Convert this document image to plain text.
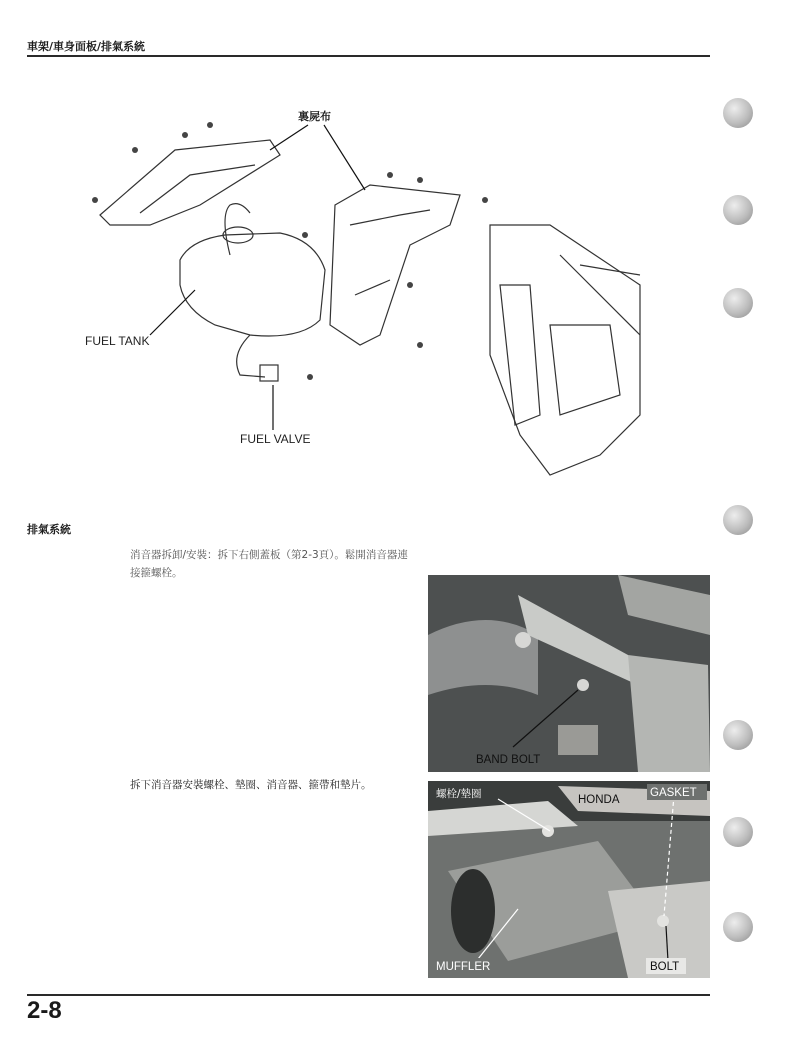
車架/車身面板/排氣系統
裏屍布
FUEL TANK
FUEL VALVE
排氣系統
消音器拆卸/安裝：拆下右側蓋板（第2-3頁）。鬆開消音器連接箍螺栓。
拆下消音器安裝螺栓、墊圈、消音器、箍帶和墊片。
BAND BOLT
HONDA
螺栓/墊圈	GASKET
MUFFLER	BOLT
2-8
